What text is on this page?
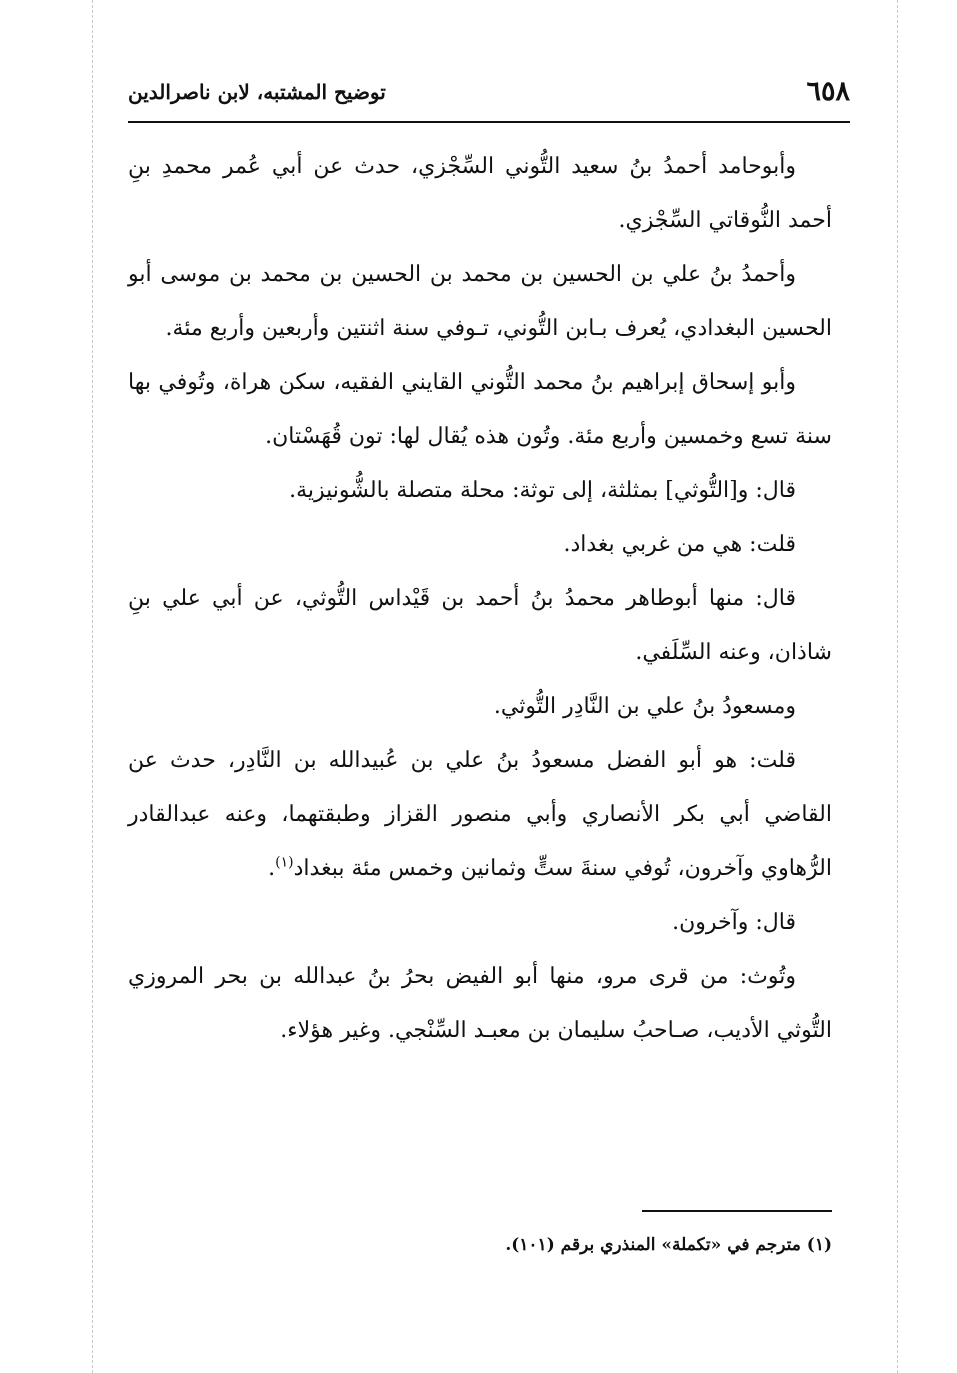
٦٥٨
توضيح المشتبه، لابن ناصرالدين

وأبوحامد أحمدُ بنُ سعيد التُّوني السِّجْزي، حدث عن أبي عُمر محمدِ بنِ أحمد النُّوقاتي السِّجْزي.

وأحمدُ بنُ علي بن الحسين بن محمد بن الحسين بن محمد بن موسى أبو الحسين البغدادي، يُعرف بـابن التُّوني، تـوفي سنة اثنتين وأربعين وأربع مئة.

وأبو إسحاق إبراهيم بنُ محمد التُّوني القايني الفقيه، سكن هراة، وتُوفي بها سنة تسع وخمسين وأربع مئة. وتُون هذه يُقال لها: تون قُهَسْتان.

قال: و[التُّوثي] بمثلثة، إلى توثة: محلة متصلة بالشُّونيزية.

قلت: هي من غربي بغداد.

قال: منها أبوطاهر محمدُ بنُ أحمد بن قَيْداس التُّوثي، عن أبي علي بنِ شاذان، وعنه السِّلَفي.

ومسعودُ بنُ علي بن النَّادِر التُّوثي.

قلت: هو أبو الفضل مسعودُ بنُ علي بن عُبيدالله بن النَّادِر، حدث عن القاضي أبي بكر الأنصاري وأبي منصور القزاز وطبقتهما، وعنه عبدالقادر الرُّهاوي وآخرون، تُوفي سنةَ ستٍّ وثمانين وخمس مئة ببغداد$^{(١)}$.

قال: وآخرون.

وتُوث: من قرى مرو، منها أبو الفيض بحرُ بنُ عبدالله بن بحر المروزي التُّوثي الأديب، صـاحبُ سليمان بن معبـد السِّنْجي. وغير هؤلاء.

(١) مترجم في «تكملة» المنذري برقم (١٠١).
